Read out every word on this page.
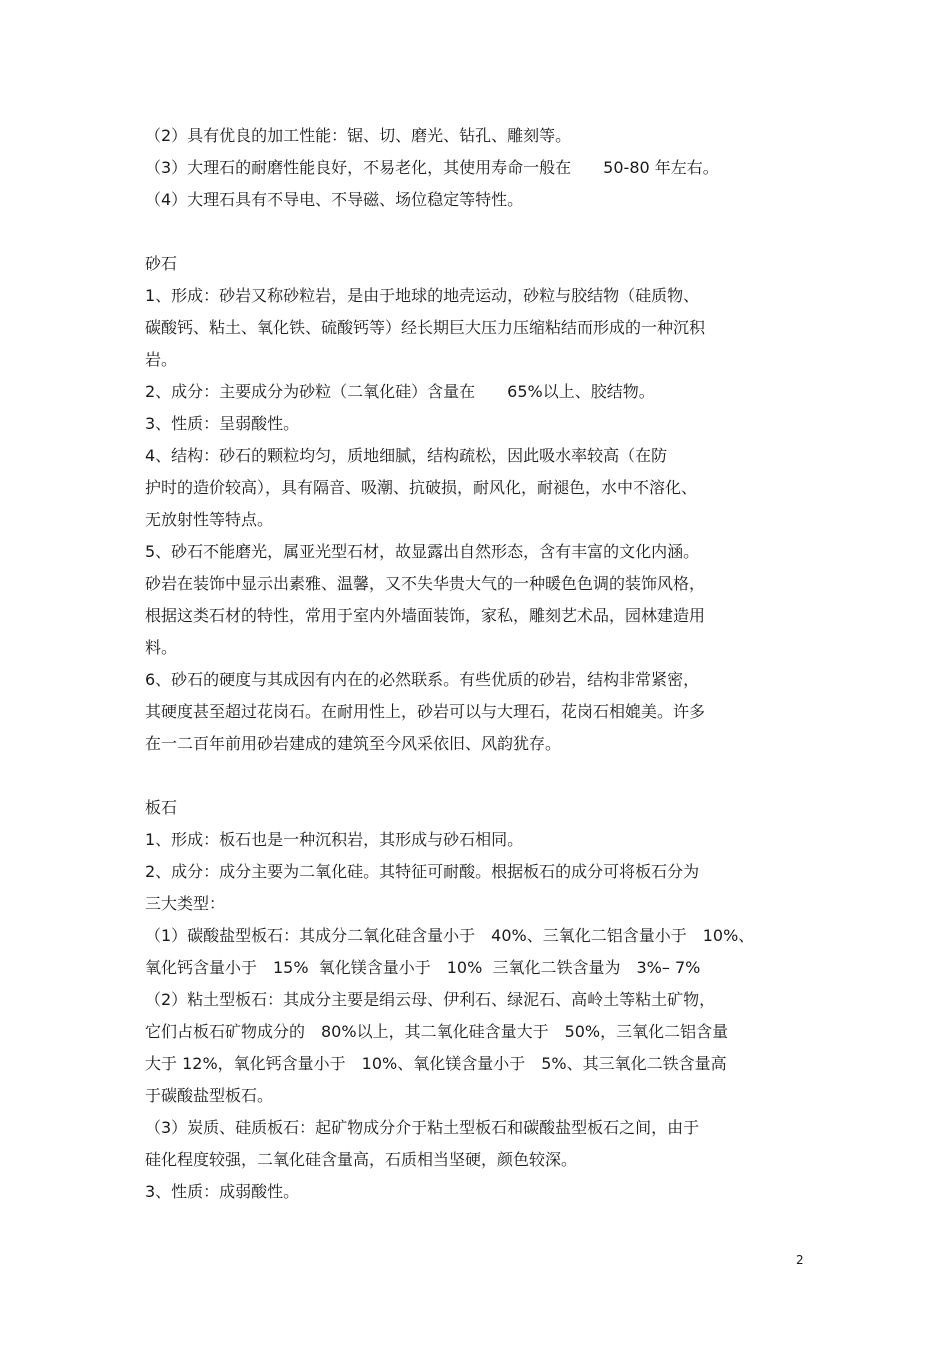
（2）具有优良的加工性能：锯、切、磨光、钻孔、雕刻等。
（3）大理石的耐磨性能良好，不易老化，其使用寿命一般在　　50-80 年左右。
（4）大理石具有不导电、不导磁、场位稳定等特性。
砂石
1、形成：砂岩又称砂粒岩，是由于地球的地壳运动，砂粒与胶结物（硅质物、
碳酸钙、粘土、氧化铁、硫酸钙等）经长期巨大压力压缩粘结而形成的一种沉积
岩。
2、成分：主要成分为砂粒（二氧化硅）含量在　　65%以上、胶结物。
3、性质：呈弱酸性。
4、结构：砂石的颗粒均匀，质地细腻，结构疏松，因此吸水率较高（在防
护时的造价较高），具有隔音、吸潮、抗破损，耐风化，耐褪色，水中不溶化、
无放射性等特点。
5、砂石不能磨光，属亚光型石材，故显露出自然形态，含有丰富的文化内涵。
砂岩在装饰中显示出素雅、温馨，又不失华贵大气的一种暖色色调的装饰风格，
根据这类石材的特性，常用于室内外墙面装饰，家私，雕刻艺术品，园林建造用
料。
6、砂石的硬度与其成因有内在的必然联系。有些优质的砂岩，结构非常紧密，
其硬度甚至超过花岗石。在耐用性上，砂岩可以与大理石，花岗石相媲美。许多
在一二百年前用砂岩建成的建筑至今风采依旧、风韵犹存。
板石
1、形成：板石也是一种沉积岩，其形成与砂石相同。
2、成分：成分主要为二氧化硅。其特征可耐酸。根据板石的成分可将板石分为
三大类型：
（1）碳酸盐型板石：其成分二氧化硅含量小于　40%、三氧化二铝含量小于　10%、
氧化钙含量小于　15%  氧化镁含量小于　10%  三氧化二铁含量为　3%– 7%
（2）粘土型板石：其成分主要是绢云母、伊利石、绿泥石、高岭土等粘土矿物，
它们占板石矿物成分的　80%以上，其二氧化硅含量大于　50%，三氧化二铝含量
大于 12%，氧化钙含量小于　10%、氧化镁含量小于　5%、其三氧化二铁含量高
于碳酸盐型板石。
（3）炭质、硅质板石：起矿物成分介于粘土型板石和碳酸盐型板石之间，由于
硅化程度较强，二氧化硅含量高，石质相当坚硬，颜色较深。
3、性质：成弱酸性。
2
